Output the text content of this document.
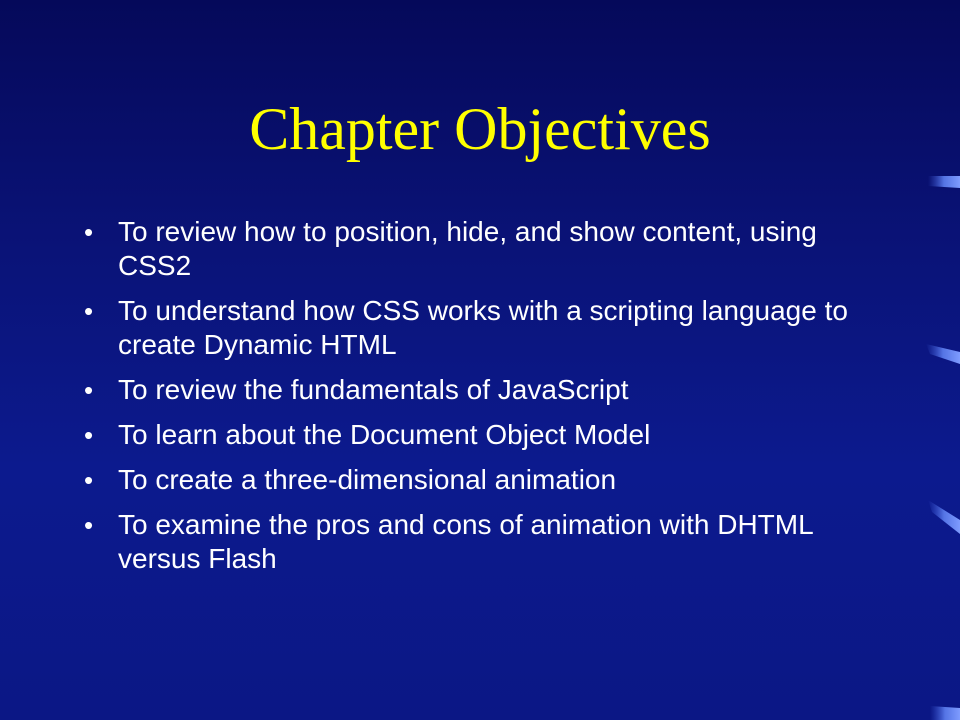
Chapter Objectives
• To review how to position, hide, and show content, using CSS2
• To understand how CSS works with a scripting language to create Dynamic HTML
• To review the fundamentals of JavaScript
• To learn about the Document Object Model
• To create a three-dimensional animation
• To examine the pros and cons of animation with DHTML versus Flash
